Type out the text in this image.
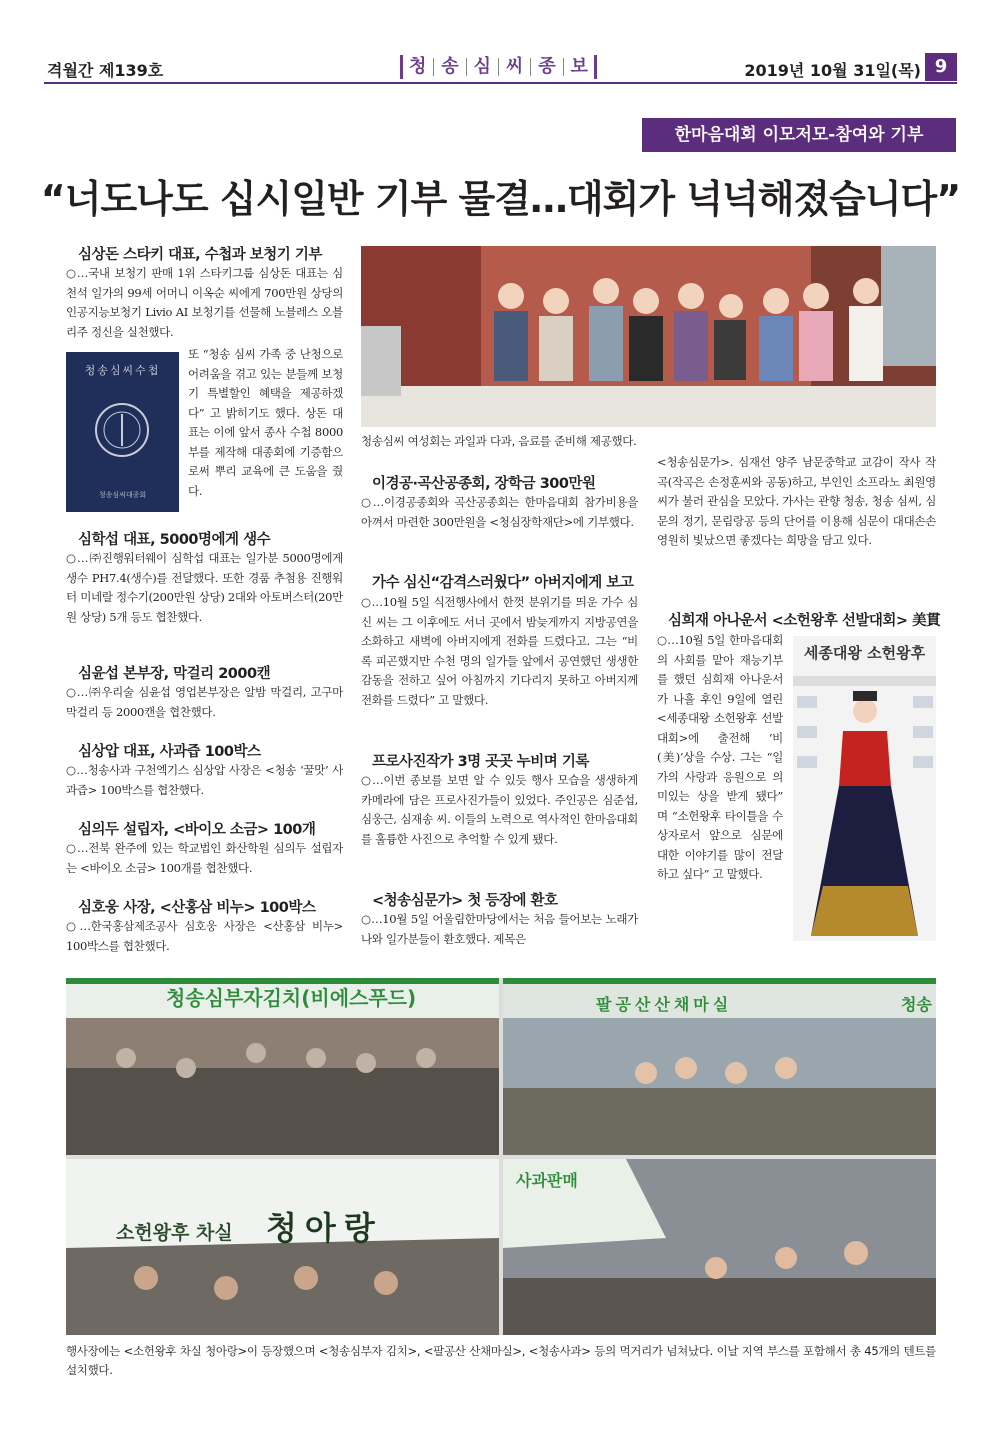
격월간 제139호	청 송 심 씨 종 보	2019년 10월 31일(목) 9
한마음대회 이모저모-참여와 기부
“너도나도 십시일반 기부 물결…대회가 넉넉해졌습니다”
심상돈 스타키 대표, 수첩과 보청기 기부
○…국내 보청기 판매 1위 스타키그룹 심상돈 대표는 심천석 일가의 99세 어머니 이옥순 씨에게 700만원 상당의 인공지능보청기 Livio AI 보청기를 선물해 노블레스 오블리주 정신을 실천했다.
청송심씨수첩
청송심씨대종회
또 “청송 심씨 가족 중 난청으로 어려움을 겪고 있는 분들께 보청기 특별할인 혜택을 제공하겠다” 고 밝히기도 했다. 상돈 대표는 이에 앞서 종사 수첩 8000부를 제작해 대종회에 기증함으로써 뿌리 교육에 큰 도움을 줬다.
심학섭 대표, 5000명에게 생수
○…㈜진행워터웨이 심학섭 대표는 일가분 5000명에게 생수 PH7.4(생수)를 전달했다. 또한 경품 추첨용 진행워터 미네랄 정수기(200만원 상당) 2대와 아토버스터(20만원 상당) 5개 등도 협찬했다.
심윤섭 본부장, 막걸리 2000캔
○…㈜우리술 심윤섭 영업본부장은 알밤 막걸리, 고구마 막걸리 등 2000캔을 협찬했다.
심상압 대표, 사과즙 100박스
○…청송사과 구천엑기스 심상압 사장은 <청송 ‘꿀맛’ 사과즙> 100박스를 협찬했다.
심의두 설립자, <바이오 소금> 100개
○…전북 완주에 있는 학교법인 화산학원 심의두 설립자는 <바이오 소금> 100개를 협찬했다.
심호웅 사장, <산홍삼 비누> 100박스
○…한국홍삼제조공사 심호웅 사장은 <산홍삼 비누> 100박스를 협찬했다.
청송심씨 여성회는 과일과 다과, 음료를 준비해 제공했다.
이경공·곡산공종회, 장학금 300만원
○…이경공종회와 곡산공종회는 한마음대회 참가비용을 아껴서 마련한 300만원을 <청심장학재단>에 기부했다.
가수 심신“감격스러웠다” 아버지에게 보고
○…10월 5일 식전행사에서 한껏 분위기를 띄운 가수 심신 씨는 그 이후에도 서너 곳에서 밤늦게까지 지방공연을 소화하고 새벽에 아버지에게 전화를 드렸다고. 그는 “비록 피곤했지만 수천 명의 일가들 앞에서 공연했던 생생한 감동을 전하고 싶어 아침까지 기다리지 못하고 아버지께 전화를 드렸다” 고 말했다.
프로사진작가 3명 곳곳 누비며 기록
○…이번 종보를 보면 알 수 있듯 행사 모습을 생생하게 카메라에 담은 프로사진가들이 있었다. 주인공은 심준섭, 심웅근, 심재송 씨. 이들의 노력으로 역사적인 한마음대회를 훌륭한 사진으로 추억할 수 있게 됐다.
<청송심문가> 첫 등장에 환호
○…10월 5일 어울림한마당에서는 처음 들어보는 노래가 나와 일가분들이 환호했다. 제목은
<청송심문가>. 심재선 양주 남문중학교 교감이 작사 작곡(작곡은 손정훈씨와 공동)하고, 부인인 소프라노 최원영 씨가 불러 관심을 모았다. 가사는 관향 청송, 청송 심씨, 심문의 정기, 문림랑공 등의 단어를 이용해 심문이 대대손손 영원히 빛났으면 좋겠다는 희망을 담고 있다.
심희재 아나운서 <소헌왕후 선발대회> 美貫
○…10월 5일 한마음대회의 사회를 맡아 재능기부를 했던 심희재 아나운서가 나흘 후인 9일에 열린 <세종대왕 소헌왕후 선발대회>에 출전해 ‘비(美)’상을 수상. 그는 “일가의 사랑과 응원으로 의미있는 상을 받게 됐다” 며 “소헌왕후 타이틀을 수상자로서 앞으로 심문에 대한 이야기를 많이 전달하고 싶다” 고 말했다.
세종대왕 소헌왕후
청송심부자김치(비에스푸드)	팔공산산채마실	청송
소헌왕후 차실 청아랑
사과판매
행사장에는 <소헌왕후 차실 청아랑>이 등장했으며 <청송심부자 김치>, <팔공산 산채마실>, <청송사과> 등의 먹거리가 넘쳐났다. 이날 지역 부스를 포함해서 총 45개의 텐트를 설치했다.
